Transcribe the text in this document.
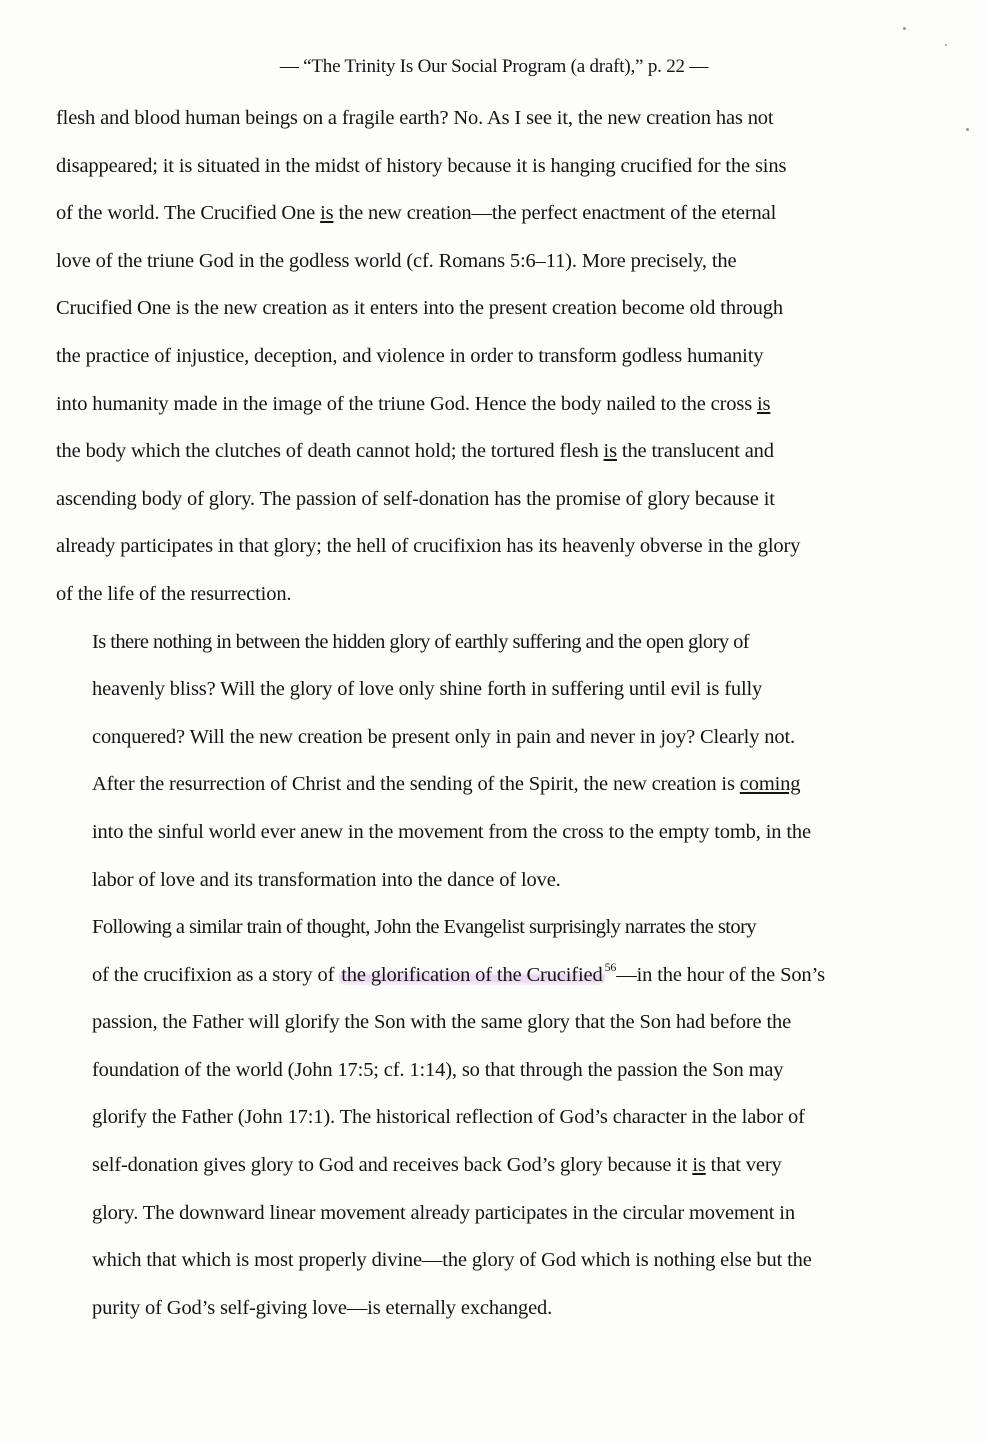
— “The Trinity Is Our Social Program (a draft),” p. 22 —
flesh and blood human beings on a fragile earth? No. As I see it, the new creation has not
disappeared; it is situated in the midst of history because it is hanging crucified for the sins
of the world. The Crucified One is the new creation—the perfect enactment of the eternal
love of the triune God in the godless world (cf. Romans 5:6–11). More precisely, the
Crucified One is the new creation as it enters into the present creation become old through
the practice of injustice, deception, and violence in order to transform godless humanity
into humanity made in the image of the triune God. Hence the body nailed to the cross is
the body which the clutches of death cannot hold; the tortured flesh is the translucent and
ascending body of glory. The passion of self-donation has the promise of glory because it
already participates in that glory; the hell of crucifixion has its heavenly obverse in the glory
of the life of the resurrection.
Is there nothing in between the hidden glory of earthly suffering and the open glory of
heavenly bliss? Will the glory of love only shine forth in suffering until evil is fully
conquered? Will the new creation be present only in pain and never in joy? Clearly not.
After the resurrection of Christ and the sending of the Spirit, the new creation is coming
into the sinful world ever anew in the movement from the cross to the empty tomb, in the
labor of love and its transformation into the dance of love.
Following a similar train of thought, John the Evangelist surprisingly narrates the story
of the crucifixion as a story of the glorification of the Crucified $^{56}$—in the hour of the Son’s
passion, the Father will glorify the Son with the same glory that the Son had before the
foundation of the world (John 17:5; cf. 1:14), so that through the passion the Son may
glorify the Father (John 17:1). The historical reflection of God’s character in the labor of
self-donation gives glory to God and receives back God’s glory because it is that very
glory. The downward linear movement already participates in the circular movement in
which that which is most properly divine—the glory of God which is nothing else but the
purity of God’s self-giving love—is eternally exchanged.
